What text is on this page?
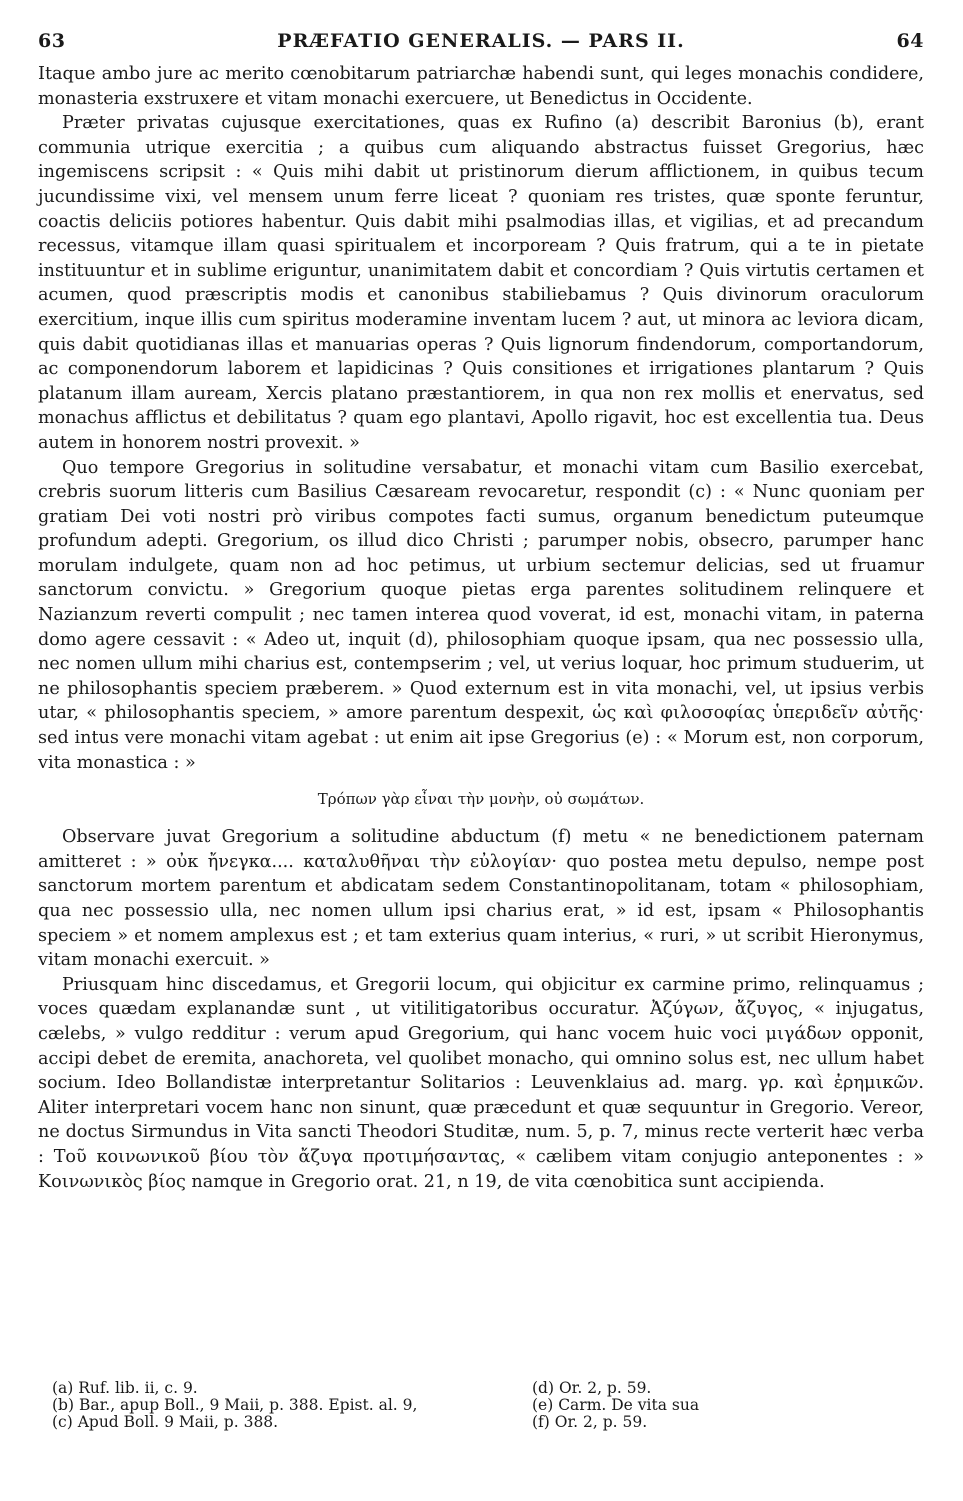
63	PRÆFATIO GENERALIS. — PARS II.	64

Itaque ambo jure ac merito cœnobitarum patriarchæ habendi sunt, qui leges monachis condidere, monasteria exstruxere et vitam monachi exercuere, ut Benedictus in Occidente.

Præter privatas cujusque exercitationes, quas ex Rufino (a) describit Baronius (b), erant communia utrique exercitia ; a quibus cum aliquando abstractus fuisset Gregorius, hæc ingemiscens scripsit : « Quis mihi dabit ut pristinorum dierum afflictionem, in quibus tecum jucundissime vixi, vel mensem unum ferre liceat ? quoniam res tristes, quæ sponte feruntur, coactis deliciis potiores habentur. Quis dabit mihi psalmodias illas, et vigilias, et ad precandum recessus, vitamque illam quasi spiritualem et incorpoream ? Quis fratrum, qui a te in pietate instituuntur et in sublime eriguntur, unanimitatem dabit et concordiam ? Quis virtutis certamen et acumen, quod præscriptis modis et canonibus stabiliebamus ? Quis divinorum oraculorum exercitium, inque illis cum spiritus moderamine inventam lucem ? aut, ut minora ac leviora dicam, quis dabit quotidianas illas et manuarias operas ? Quis lignorum findendorum, comportandorum, ac componendorum laborem et lapidicinas ? Quis consitiones et irrigationes plantarum ? Quis platanum illam auream, Xercis platano præstantiorem, in qua non rex mollis et enervatus, sed monachus afflictus et debilitatus ? quam ego plantavi, Apollo rigavit, hoc est excellentia tua. Deus autem in honorem nostri provexit. »

Quo tempore Gregorius in solitudine versabatur, et monachi vitam cum Basilio exercebat, crebris suorum litteris cum Basilius Cæsaream revocaretur, respondit (c) : « Nunc quoniam per gratiam Dei voti nostri prò viribus compotes facti sumus, organum benedictum puteumque profundum adepti. Gregorium, os illud dico Christi ; parumper nobis, obsecro, parumper hanc morulam indulgete, quam non ad hoc petimus, ut urbium sectemur delicias, sed ut fruamur sanctorum convictu. » Gregorium quoque pietas erga parentes solitudinem relinquere et Nazianzum reverti compulit ; nec tamen interea quod voverat, id est, monachi vitam, in paterna domo agere cessavit : « Adeo ut, inquit (d), philosophiam quoque ipsam, qua nec possessio ulla, nec nomen ullum mihi charius est, contempserim ; vel, ut verius loquar, hoc primum studuerim, ut ne philosophantis speciem præberem. » Quod externum est in vita monachi, vel, ut ipsius verbis utar, « philosophantis speciem, » amore parentum despexit, ὡς καὶ φιλοσοφίας ὑπεριδεῖν αὐτῆς· sed intus vere monachi vitam agebat : ut enim ait ipse Gregorius (e) : « Morum est, non corporum, vita monastica : »

Τρόπων γὰρ εἶναι τὴν μονὴν, οὐ σωμάτων.

Observare juvat Gregorium a solitudine abductum (f) metu « ne benedictionem paternam amitteret : » οὐκ ἤνεγκα.... καταλυθῆναι τὴν εὐλογίαν· quo postea metu depulso, nempe post sanctorum mortem parentum et abdicatam sedem Constantinopolitanam, totam « philosophiam, qua nec possessio ulla, nec nomen ullum ipsi charius erat, » id est, ipsam « Philosophantis speciem » et nomem amplexus est ; et tam exterius quam interius, « ruri, » ut scribit Hieronymus, vitam monachi exercuit. »

Priusquam hinc discedamus, et Gregorii locum, qui objicitur ex carmine primo, relinquamus ; voces quædam explanandæ sunt , ut vitilitigatoribus occuratur. Ἀζύγων, ἄζυγος, « injugatus, cælebs, » vulgo redditur : verum apud Gregorium, qui hanc vocem huic voci μιγάδων opponit, accipi debet de eremita, anachoreta, vel quolibet monacho, qui omnino solus est, nec ullum habet socium. Ideo Bollandistæ interpretantur Solitarios : Leuvenklaius ad. marg. γρ. καὶ ἐρημικῶν. Aliter interpretari vocem hanc non sinunt, quæ præcedunt et quæ sequuntur in Gregorio. Vereor, ne doctus Sirmundus in Vita sancti Theodori Studitæ, num. 5, p. 7, minus recte verterit hæc verba : Τοῦ κοινωνικοῦ βίου τὸν ἄζυγα προτιμήσαντας, « cælibem vitam conjugio anteponentes : » Κοινωνικὸς βίος namque in Gregorio orat. 21, n 19, de vita cœnobitica sunt accipienda.

(a) Ruf. lib. ii, c. 9.
(b) Bar., apup Boll., 9 Maii, p. 388. Epist. al. 9,
(c) Apud Boll. 9 Maii, p. 388.
(d) Or. 2, p. 59.
(e) Carm. De vita sua
(f) Or. 2, p. 59.
